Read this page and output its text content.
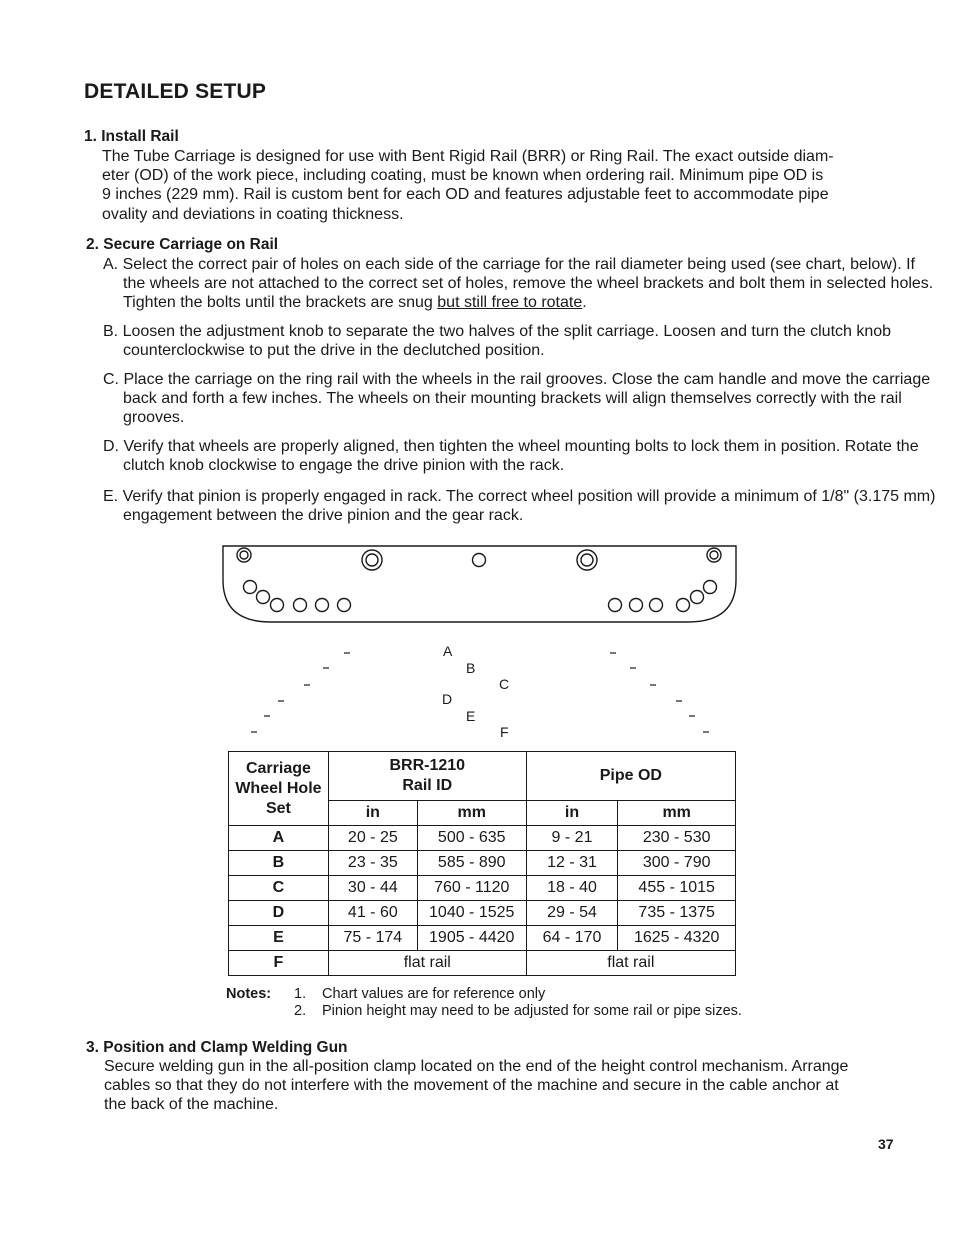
DETAILED SETUP
1. Install Rail
The Tube Carriage is designed for use with Bent Rigid Rail (BRR) or Ring Rail. The exact outside diam-
eter (OD) of the work piece, including coating, must be known when ordering rail. Minimum pipe OD is
9 inches (229 mm). Rail is custom bent for each OD and features adjustable feet to accommodate pipe
ovality and deviations in coating thickness.
2. Secure Carriage on Rail

A. Select the correct pair of holes on each side of the carriage for the rail diameter being used (see chart, below). If the wheels are not attached to the correct set of holes, remove the wheel brackets and bolt them in selected holes. Tighten the bolts until the brackets are snug but still free to rotate.

B. Loosen the adjustment knob to separate the two halves of the split carriage. Loosen and turn the clutch knob counterclockwise to put the drive in the declutched position.

C. Place the carriage on the ring rail with the wheels in the rail grooves. Close the cam handle and move the carriage back and forth a few inches. The wheels on their mounting brackets will align themselves correctly with the rail grooves.

D. Verify that wheels are properly aligned, then tighten the wheel mounting bolts to lock them in position. Rotate the clutch knob clockwise to engage the drive pinion with the rack.

E. Verify that pinion is properly engaged in rack. The correct wheel position will provide a minimum of 1/8" (3.175 mm) engagement between the drive pinion and the gear rack.

A
B
C
D
E
F
Carriage Wheel Hole Set	BRR-1210 Rail ID		Pipe OD	
	in	mm	in	mm
A	20 - 25	500 - 635	9 - 21	230 - 530
B	23 - 35	585 - 890	12 - 31	300 - 790
C	30 - 44	760 - 1120	18 - 40	455 - 1015
D	41 - 60	1040 - 1525	29 - 54	735 - 1375
E	75 - 174	1905 - 4420	64 - 170	1625 - 4320
F	flat rail		flat rail	
Notes: 1. Chart values are for reference only
2. Pinion height may need to be adjusted for some rail or pipe sizes.
3. Position and Clamp Welding Gun
Secure welding gun in the all-position clamp located on the end of the height control mechanism. Arrange
cables so that they do not interfere with the movement of the machine and secure in the cable anchor at
the back of the machine.
37
